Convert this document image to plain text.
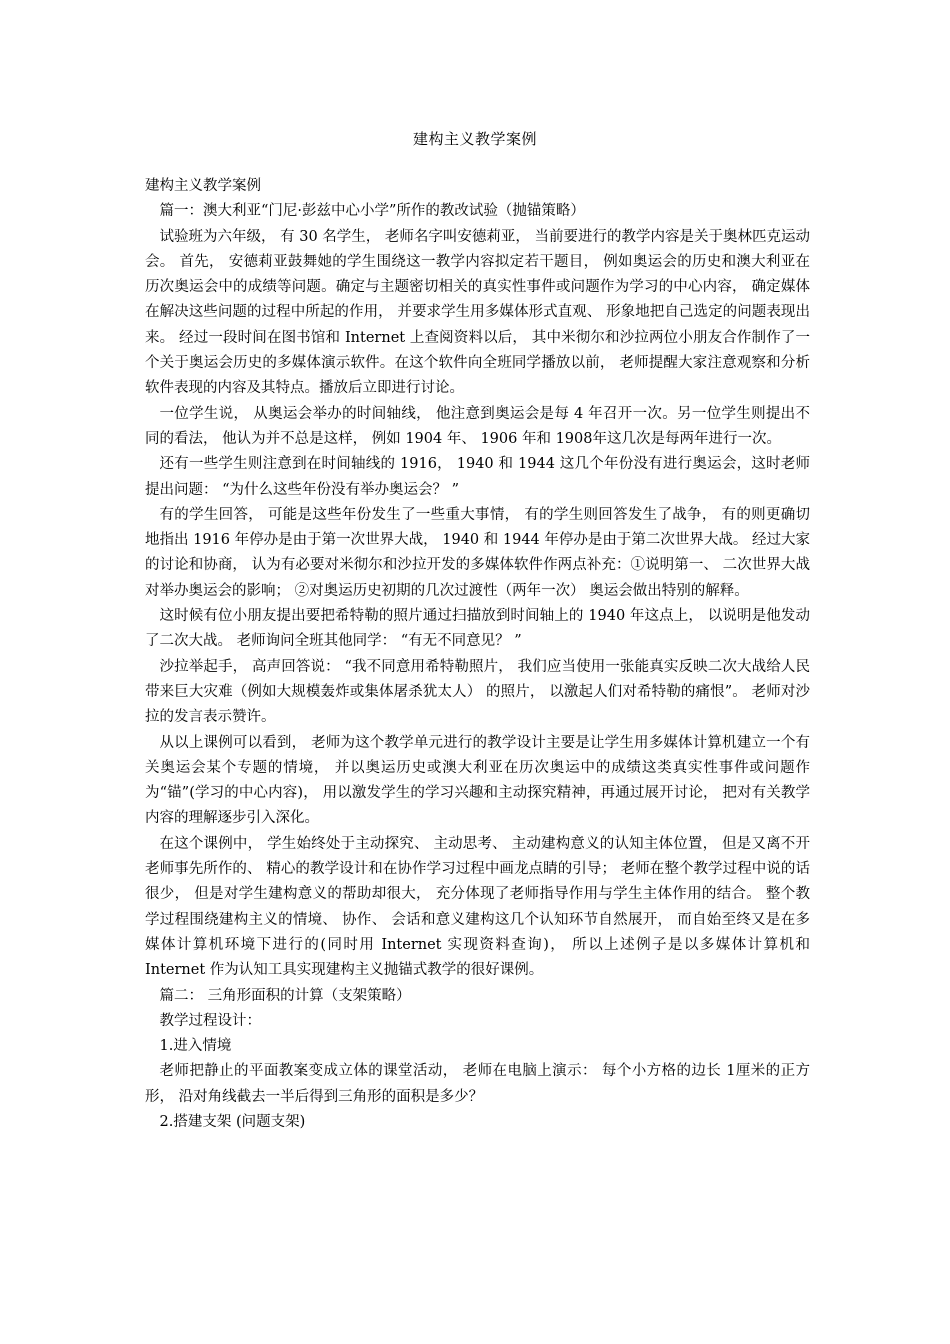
建构主义教学案例

建构主义教学案例

篇一：澳大利亚“门尼·彭兹中心小学”所作的教改试验（抛锚策略）

试验班为六年级， 有 30 名学生， 老师名字叫安德莉亚， 当前要进行的教学内容是关于奥林匹克运动会。 首先， 安德莉亚鼓舞她的学生围绕这一教学内容拟定若干题目， 例如奥运会的历史和澳大利亚在历次奥运会中的成绩等问题。确定与主题密切相关的真实性事件或问题作为学习的中心内容， 确定媒体在解决这些问题的过程中所起的作用， 并要求学生用多媒体形式直观、 形象地把自己选定的问题表现出来。 经过一段时间在图书馆和 Internet 上查阅资料以后， 其中米彻尔和沙拉两位小朋友合作制作了一个关于奥运会历史的多媒体演示软件。在这个软件向全班同学播放以前， 老师提醒大家注意观察和分析软件表现的内容及其特点。播放后立即进行讨论。

一位学生说， 从奥运会举办的时间轴线， 他注意到奥运会是每 4 年召开一次。另一位学生则提出不同的看法， 他认为并不总是这样， 例如 1904 年、 1906 年和 1908年这几次是每两年进行一次。

还有一些学生则注意到在时间轴线的 1916， 1940 和 1944 这几个年份没有进行奥运会，这时老师提出问题： “为什么这些年份没有举办奥运会？ ”

有的学生回答， 可能是这些年份发生了一些重大事情， 有的学生则回答发生了战争， 有的则更确切地指出 1916 年停办是由于第一次世界大战， 1940 和 1944 年停办是由于第二次世界大战。 经过大家的讨论和协商， 认为有必要对米彻尔和沙拉开发的多媒体软件作两点补充：①说明第一、 二次世界大战对举办奥运会的影响； ②对奥运历史初期的几次过渡性（两年一次） 奥运会做出特别的解释。

这时候有位小朋友提出要把希特勒的照片通过扫描放到时间轴上的 1940 年这点上， 以说明是他发动了二次大战。 老师询问全班其他同学： “有无不同意见？ ”

沙拉举起手， 高声回答说： “我不同意用希特勒照片， 我们应当使用一张能真实反映二次大战给人民带来巨大灾难（例如大规模轰炸或集体屠杀犹太人） 的照片， 以激起人们对希特勒的痛恨”。 老师对沙拉的发言表示赞许。

从以上课例可以看到， 老师为这个教学单元进行的教学设计主要是让学生用多媒体计算机建立一个有关奥运会某个专题的情境， 并以奥运历史或澳大利亚在历次奥运中的成绩这类真实性事件或问题作为“锚”(学习的中心内容)， 用以激发学生的学习兴趣和主动探究精神，再通过展开讨论， 把对有关教学内容的理解逐步引入深化。

在这个课例中， 学生始终处于主动探究、 主动思考、 主动建构意义的认知主体位置， 但是又离不开老师事先所作的、 精心的教学设计和在协作学习过程中画龙点睛的引导； 老师在整个教学过程中说的话很少， 但是对学生建构意义的帮助却很大， 充分体现了老师指导作用与学生主体作用的结合。 整个教学过程围绕建构主义的情境、 协作、 会话和意义建构这几个认知环节自然展开， 而自始至终又是在多媒体计算机环境下进行的(同时用 Internet 实现资料查询)， 所以上述例子是以多媒体计算机和 Internet 作为认知工具实现建构主义抛锚式教学的很好课例。

篇二： 三角形面积的计算（支架策略）

教学过程设计：

1.进入情境

老师把静止的平面教案变成立体的课堂活动， 老师在电脑上演示： 每个小方格的边长 1厘米的正方形， 沿对角线截去一半后得到三角形的面积是多少？

2.搭建支架 (问题支架)
